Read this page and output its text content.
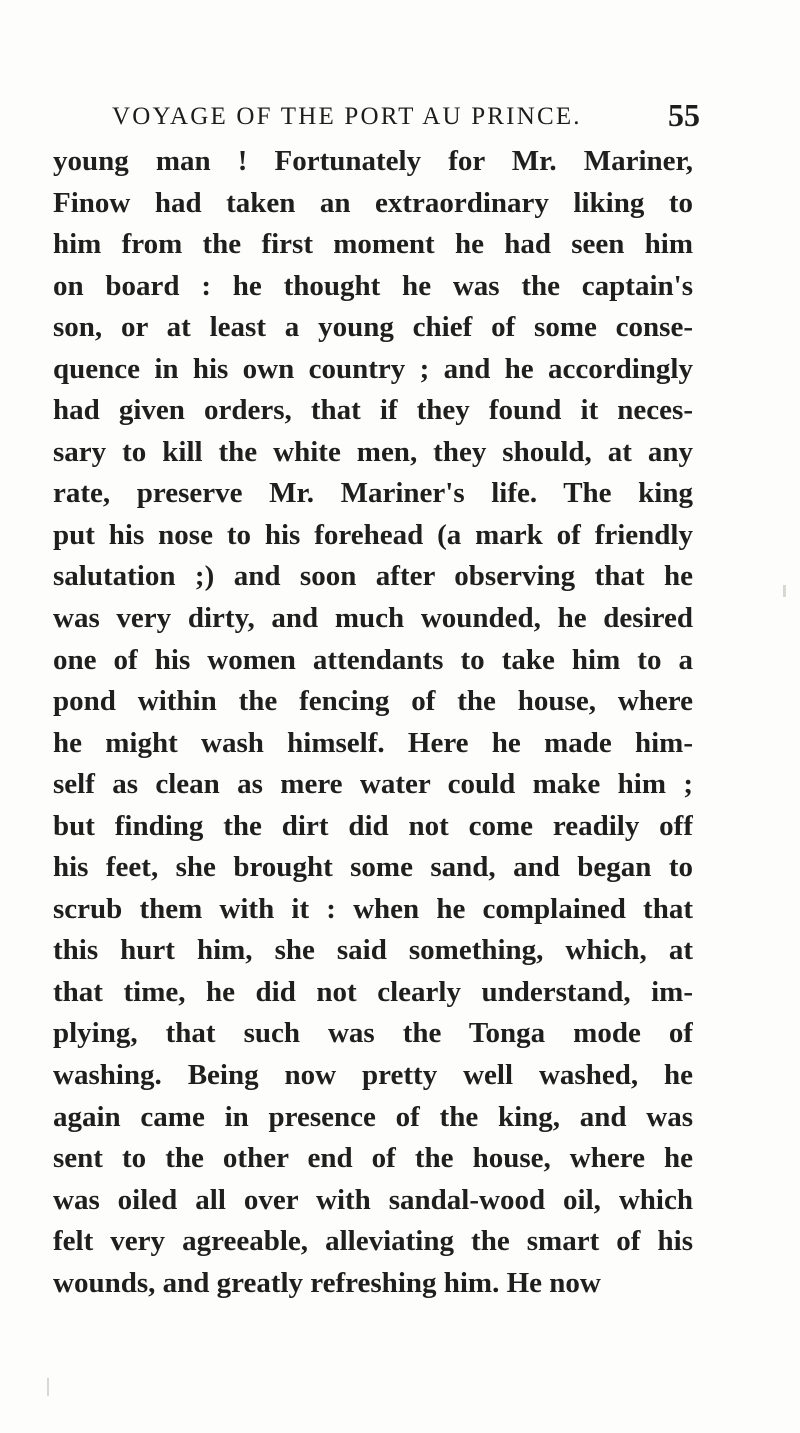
VOYAGE OF THE PORT AU PRINCE.	55
young man ! Fortunately for Mr. Mariner,
Finow had taken an extraordinary liking to
him from the first moment he had seen him
on board : he thought he was the captain's
son, or at least a young chief of some conse-
quence in his own country ; and he accordingly
had given orders, that if they found it neces-
sary to kill the white men, they should, at any
rate, preserve Mr. Mariner's life. The king
put his nose to his forehead (a mark of friendly
salutation ;) and soon after observing that he
was very dirty, and much wounded, he desired
one of his women attendants to take him to a
pond within the fencing of the house, where
he might wash himself. Here he made him-
self as clean as mere water could make him ;
but finding the dirt did not come readily off
his feet, she brought some sand, and began to
scrub them with it : when he complained that
this hurt him, she said something, which, at
that time, he did not clearly understand, im-
plying, that such was the Tonga mode of
washing. Being now pretty well washed, he
again came in presence of the king, and was
sent to the other end of the house, where he
was oiled all over with sandal-wood oil, which
felt very agreeable, alleviating the smart of his
wounds, and greatly refreshing him. He now
